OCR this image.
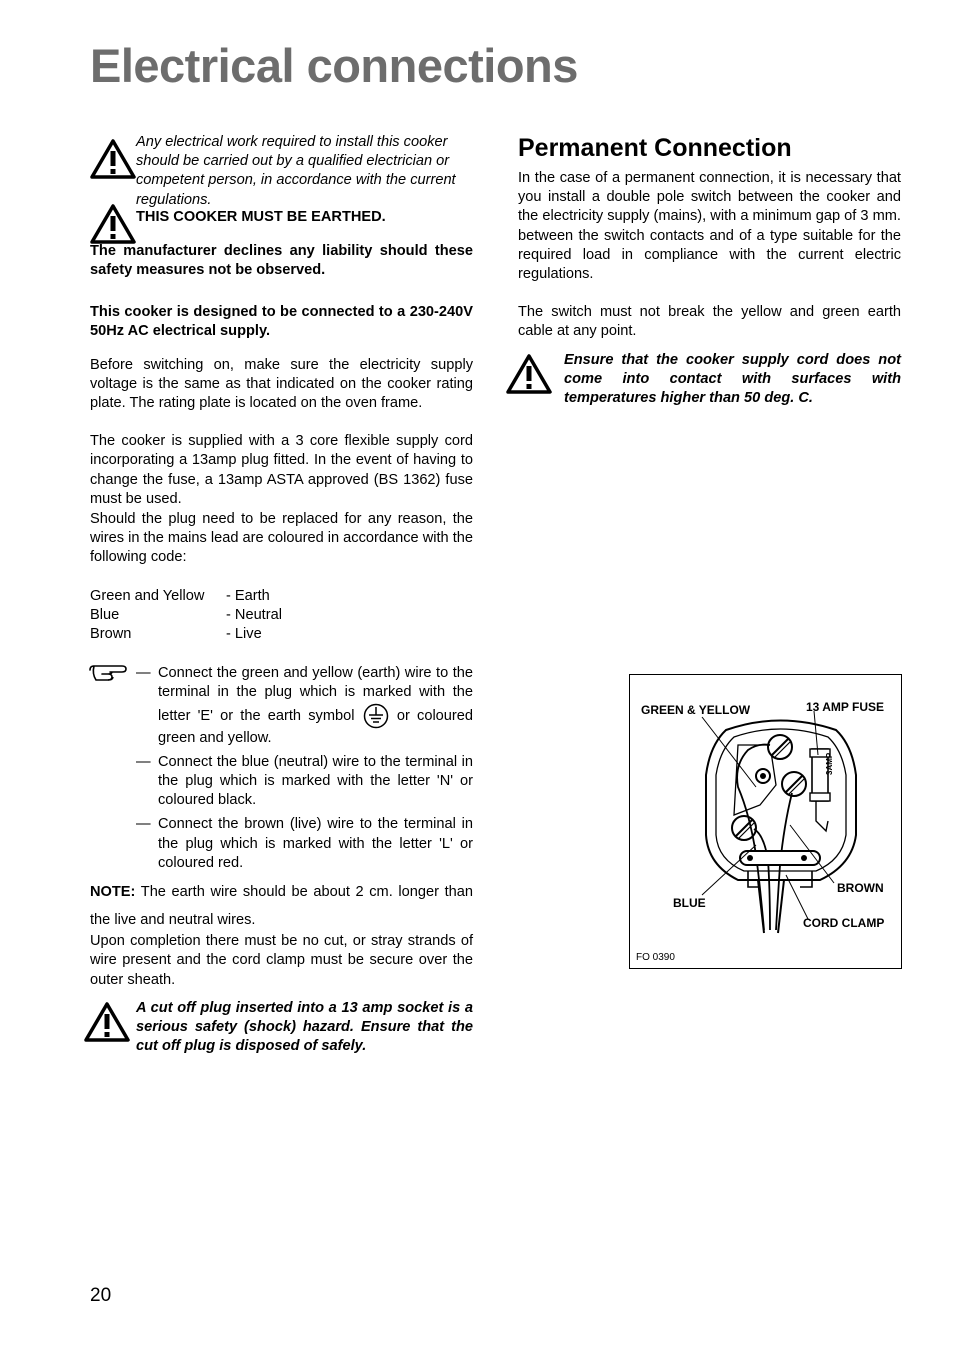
Electrical connections
Any electrical work required to install this cooker should be carried out by a qualified electrician or competent person, in accordance with the current regulations.
THIS COOKER MUST BE EARTHED.
The manufacturer declines any liability should these safety measures not be observed.
This cooker is designed to be connected to a 230-240V 50Hz AC electrical supply.
Before switching on, make sure the electricity supply voltage is the same as that indicated on the cooker rating plate. The rating plate is located on the oven frame.
The cooker is supplied with a 3 core flexible supply cord incorporating a 13amp plug fitted. In the event of having to change the fuse, a 13amp ASTA approved (BS 1362) fuse must be used.
Should the plug need to be replaced for any reason, the wires in the mains lead are coloured in accordance with the following code:
Green and Yellow	- Earth
Blue	- Neutral
Brown	- Live
— Connect the green and yellow (earth) wire to the terminal in the plug which is marked with the letter 'E' or the earth symbol	or coloured green and yellow.
— Connect the blue (neutral) wire to the terminal in the plug which is marked with the letter 'N' or coloured black.
— Connect the brown (live) wire to the terminal in the plug which is marked with the letter 'L' or coloured red.
NOTE: The earth wire should be about 2 cm. longer than the live and neutral wires.
Upon completion there must be no cut, or stray strands of wire present and the cord clamp must be secure over the outer sheath.
A cut off plug inserted into a 13 amp socket is a serious safety (shock) hazard. Ensure that the cut off plug is disposed of safely.
Permanent Connection
In the case of a permanent connection, it is necessary that you install a double pole switch between the cooker and the electricity supply (mains), with a minimum gap of 3 mm. between the switch contacts and of a type suitable for the required load in compliance with the current electric regulations.
The switch must not break the yellow and green earth cable at any point.
Ensure that the cooker supply cord does not come into contact with surfaces with temperatures higher than 50 deg. C.
GREEN & YELLOW	13 AMP FUSE
BROWN
BLUE
CORD CLAMP
FO 0390
3AMP
20
